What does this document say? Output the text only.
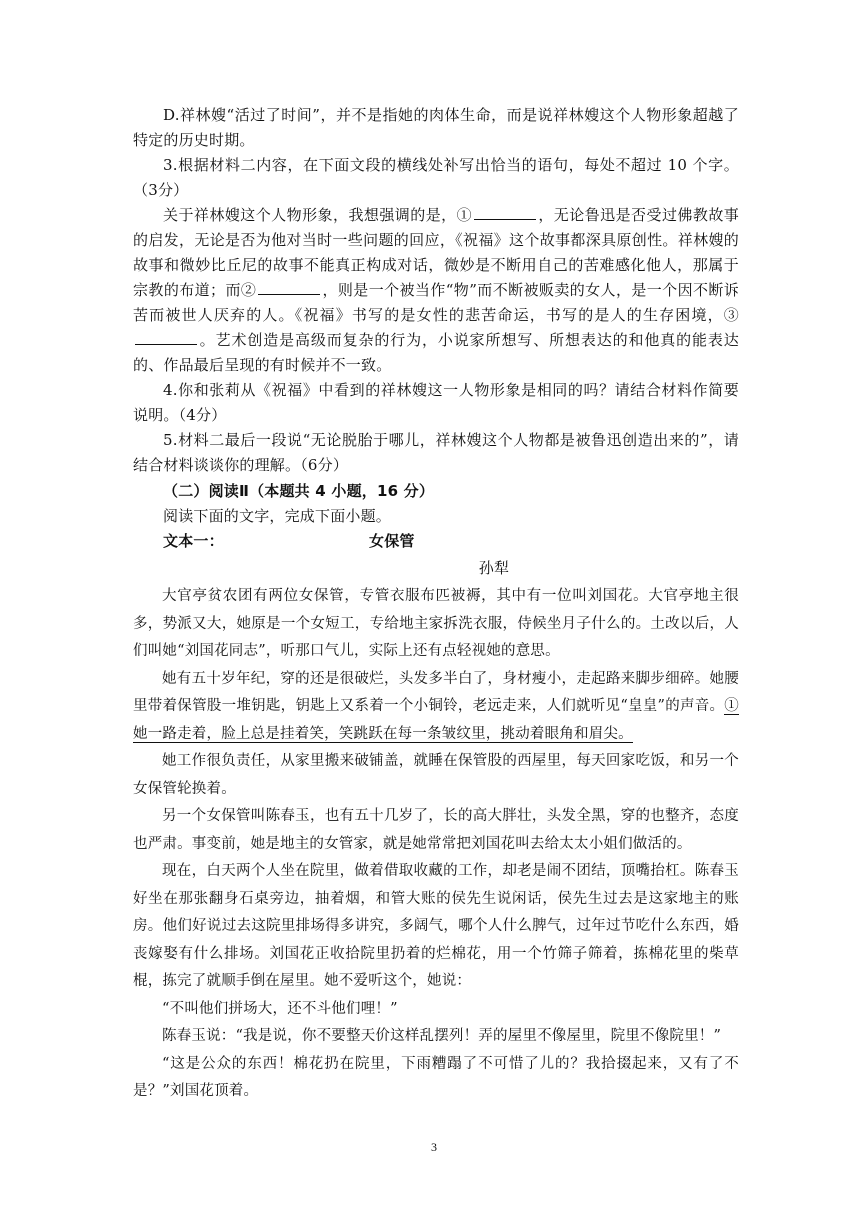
D.祥林嫂“活过了时间”，并不是指她的肉体生命，而是说祥林嫂这个人物形象超越了特定的历史时期。

3.根据材料二内容，在下面文段的横线处补写出恰当的语句，每处不超过 10 个字。（3分）

关于祥林嫂这个人物形象，我想强调的是，①	，无论鲁迅是否受过佛教故事的启发，无论是否为他对当时一些问题的回应，《祝福》这个故事都深具原创性。祥林嫂的故事和微妙比丘尼的故事不能真正构成对话，微妙是不断用自己的苦难感化他人，那属于宗教的布道；而②	，则是一个被当作“物”而不断被贩卖的女人，是一个因不断诉苦而被世人厌弃的人。《祝福》书写的是女性的悲苦命运，书写的是人的生存困境，③。艺术创造是高级而复杂的行为，小说家所想写、所想表达的和他真的能表达的、作品最后呈现的有时候并不一致。

4.你和张莉从《祝福》中看到的祥林嫂这一人物形象是相同的吗？请结合材料作简要说明。（4分）

5.材料二最后一段说“无论脱胎于哪儿，祥林嫂这个人物都是被鲁迅创造出来的”，请结合材料谈谈你的理解。（6分）

（二）阅读Ⅱ（本题共 4 小题，16 分）

阅读下面的文字，完成下面小题。

文本一：	女保管

孙犁

大官亭贫农团有两位女保管，专管衣服布匹被褥，其中有一位叫刘国花。大官亭地主很多，势派又大，她原是一个女短工，专给地主家拆洗衣服，侍候坐月子什么的。土改以后，人们叫她“刘国花同志”，听那口气儿，实际上还有点轻视她的意思。

她有五十岁年纪，穿的还是很破烂，头发多半白了，身材瘦小，走起路来脚步细碎。她腰里带着保管股一堆钥匙，钥匙上又系着一个小铜铃，老远走来，人们就听见“皇皇”的声音。①她一路走着，脸上总是挂着笑，笑跳跃在每一条皱纹里，挑动着眼角和眉尖。

她工作很负责任，从家里搬来破铺盖，就睡在保管股的西屋里，每天回家吃饭，和另一个女保管轮换着。

另一个女保管叫陈春玉，也有五十几岁了，长的高大胖壮，头发全黑，穿的也整齐，态度也严肃。事变前，她是地主的女管家，就是她常常把刘国花叫去给太太小姐们做活的。

现在，白天两个人坐在院里，做着借取收藏的工作，却老是闹不团结，顶嘴抬杠。陈春玉好坐在那张翻身石桌旁边，抽着烟，和管大账的侯先生说闲话，侯先生过去是这家地主的账房。他们好说过去这院里排场得多讲究，多阔气，哪个人什么脾气，过年过节吃什么东西，婚丧嫁娶有什么排场。刘国花正收拾院里扔着的烂棉花，用一个竹筛子筛着，拣棉花里的柴草棍，拣完了就顺手倒在屋里。她不爱听这个，她说：

“不叫他们拼场大，还不斗他们哩！”

陈春玉说：“我是说，你不要整天价这样乱摆列！弄的屋里不像屋里，院里不像院里！”

“这是公众的东西！棉花扔在院里，下雨糟蹋了不可惜了儿的？我拾掇起来，又有了不是？”刘国花顶着。

3
